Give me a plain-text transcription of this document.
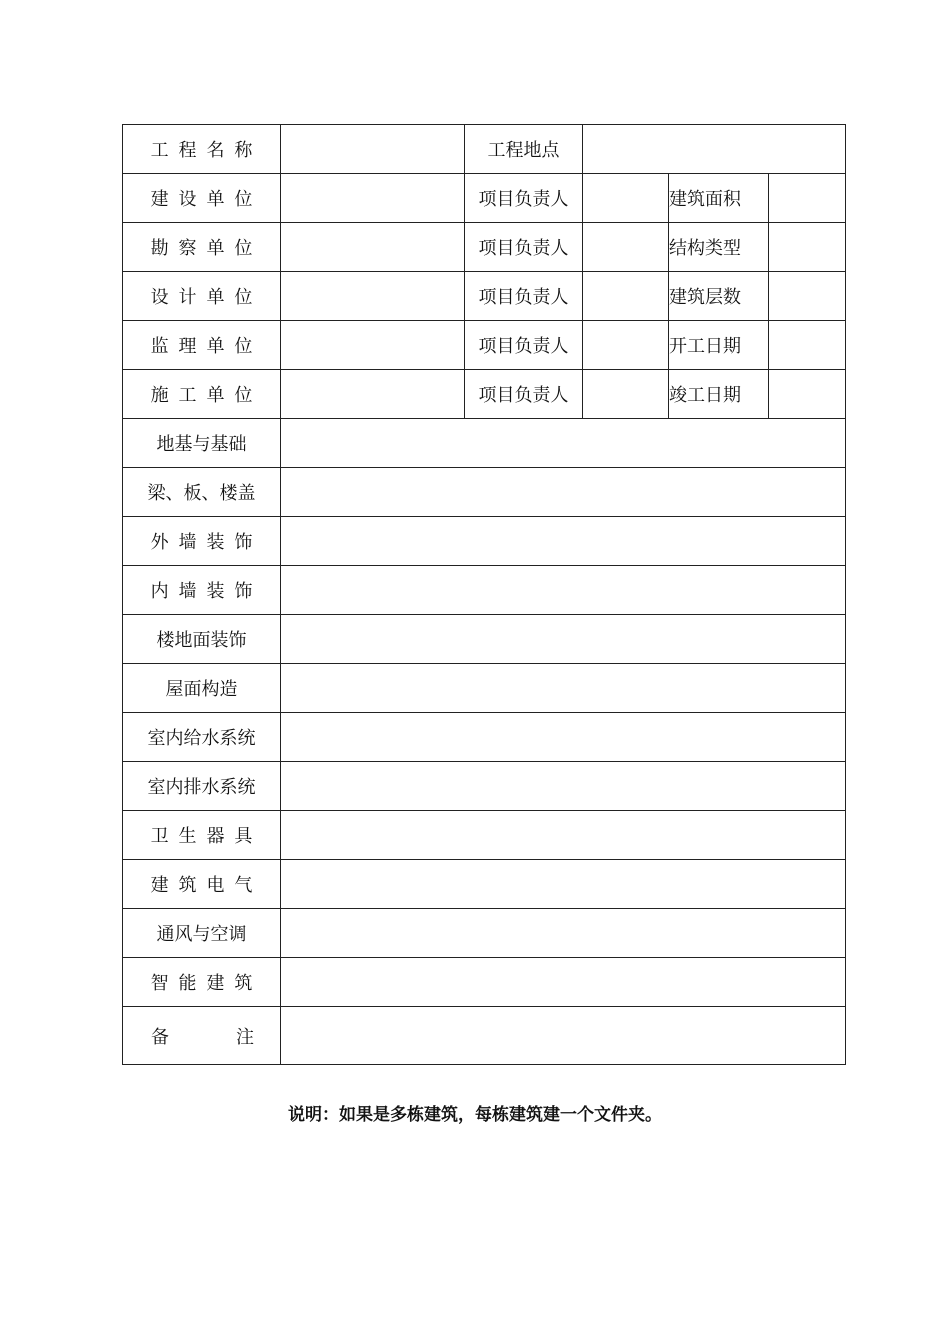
工程名称		工程地点			
建设单位		项目负责人		建筑面积	
勘察单位		项目负责人		结构类型	
设计单位		项目负责人		建筑层数	
监理单位		项目负责人		开工日期	
施工单位		项目负责人		竣工日期	
地基与基础					
梁、板、楼盖					
外墙装饰					
内墙装饰					
楼地面装饰					
屋面构造					
室内给水系统					
室内排水系统					
卫生器具					
建筑电气					
通风与空调					
智能建筑					

备 注					

说明：如果是多栋建筑，每栋建筑建一个文件夹。
